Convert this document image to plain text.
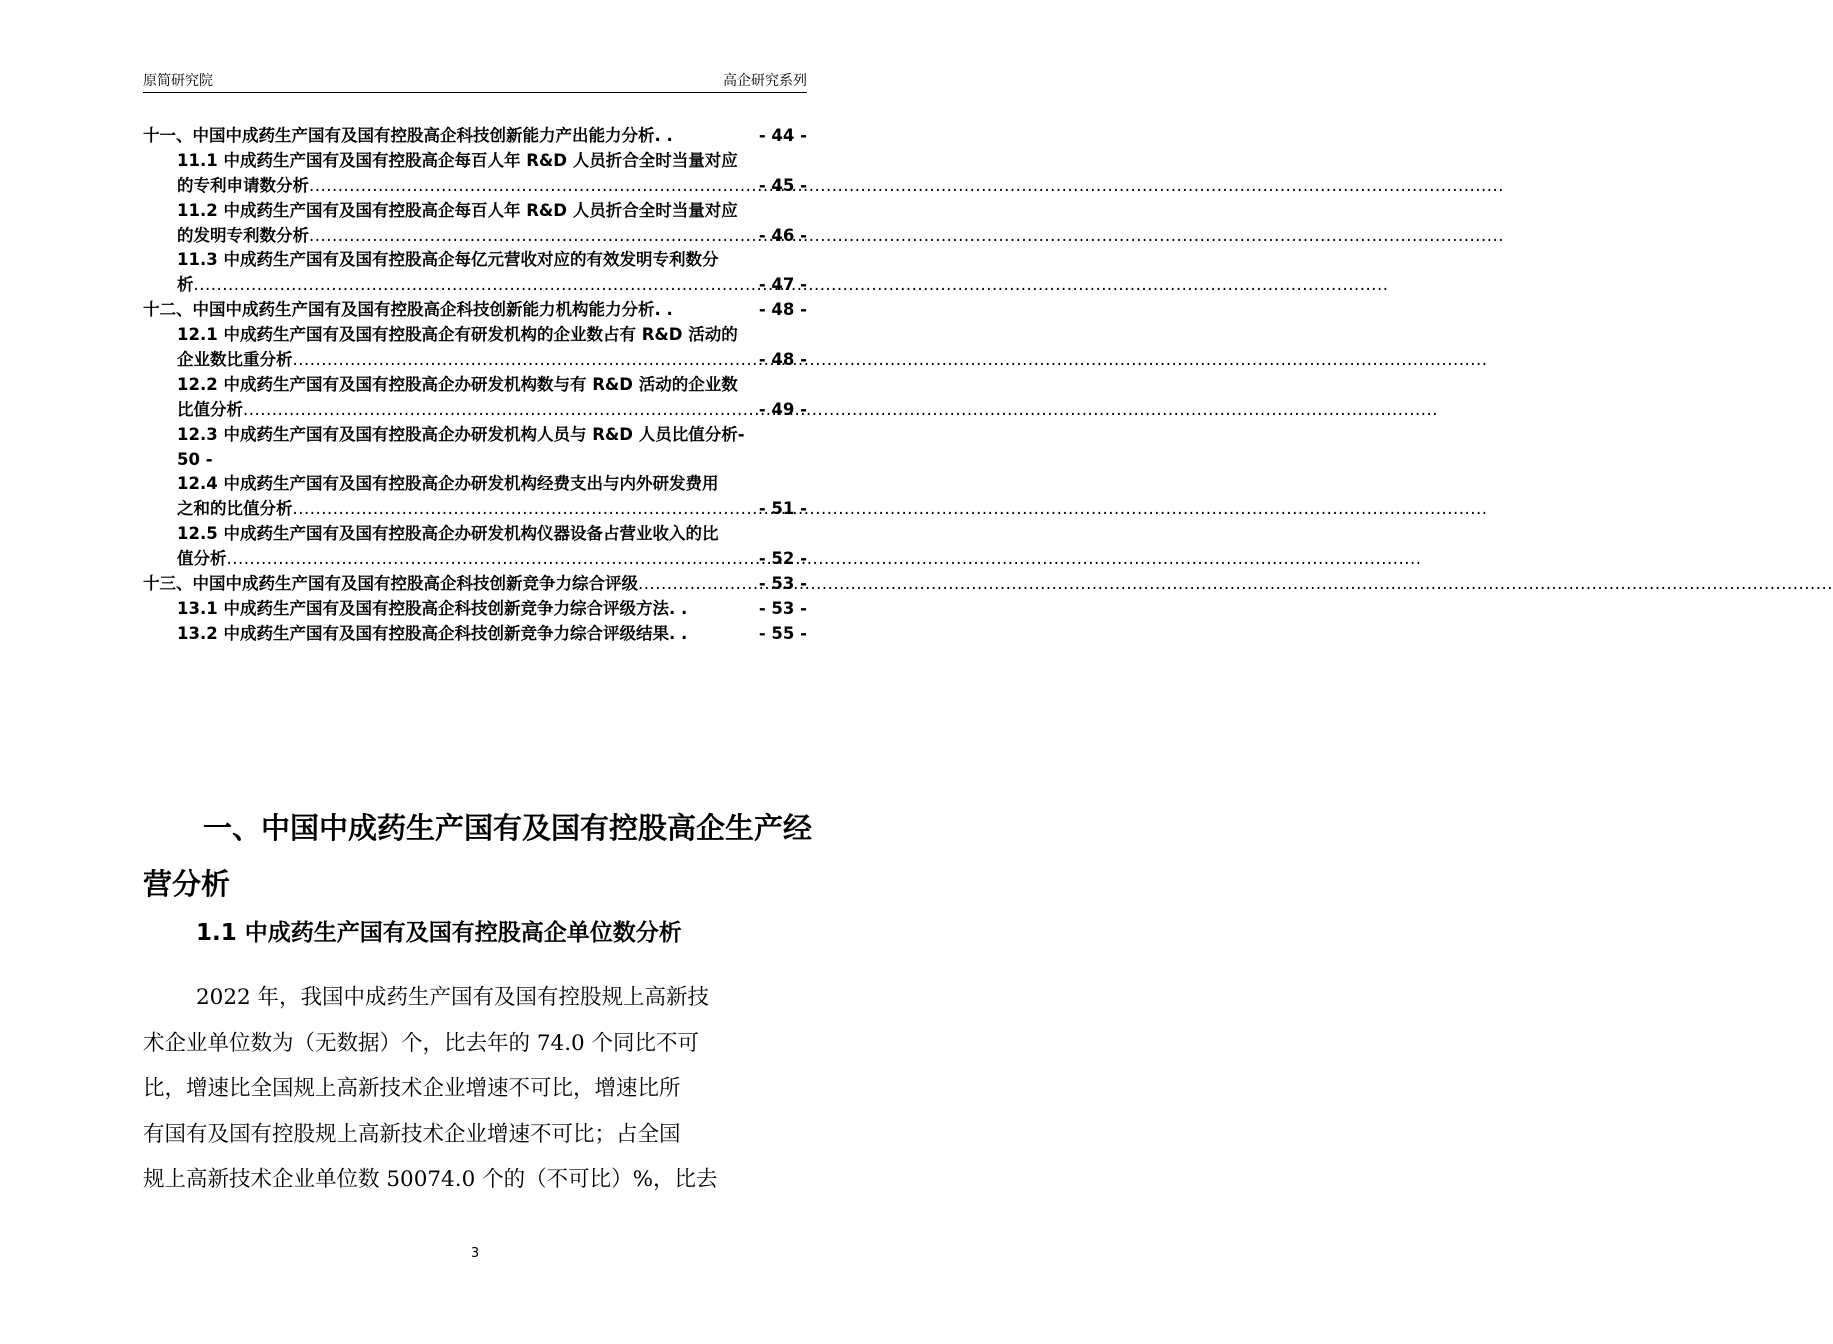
原简研究院	高企研究系列
十一、中国中成药生产国有及国有控股高企科技创新能力产出能力分析. .	- 44 -
11.1 中成药生产国有及国有控股高企每百人年 R&D 人员折合全时当量对应
的专利申请数分析 .....	- 45 -
11.2 中成药生产国有及国有控股高企每百人年 R&D 人员折合全时当量对应
的发明专利数分析 .....	- 46 -
11.3 中成药生产国有及国有控股高企每亿元营收对应的有效发明专利数分
析 .....	- 47 -
十二、中国中成药生产国有及国有控股高企科技创新能力机构能力分析. .	- 48 -
12.1 中成药生产国有及国有控股高企有研发机构的企业数占有 R&D 活动的
企业数比重分析 .....	- 48 -
12.2 中成药生产国有及国有控股高企办研发机构数与有 R&D 活动的企业数
比值分析 .....	- 49 -
12.3 中成药生产国有及国有控股高企办研发机构人员与 R&D 人员比值分析-
50 -
12.4 中成药生产国有及国有控股高企办研发机构经费支出与内外研发费用
之和的比值分析 .....	- 51 -
12.5 中成药生产国有及国有控股高企办研发机构仪器设备占营业收入的比
值分析 .....	- 52 -
十三、中国中成药生产国有及国有控股高企科技创新竞争力综合评级 .....	- 53 -
13.1 中成药生产国有及国有控股高企科技创新竞争力综合评级方法. .	- 53 -
13.2 中成药生产国有及国有控股高企科技创新竞争力综合评级结果. .	- 55 -
一、中国中成药生产国有及国有控股高企生产经
营分析
1.1 中成药生产国有及国有控股高企单位数分析
2022 年，我国中成药生产国有及国有控股规上高新技
术企业单位数为（无数据）个，比去年的 74.0 个同比不可
比，增速比全国规上高新技术企业增速不可比，增速比所
有国有及国有控股规上高新技术企业增速不可比；占全国
规上高新技术企业单位数 50074.0 个的（不可比）%，比去
3
